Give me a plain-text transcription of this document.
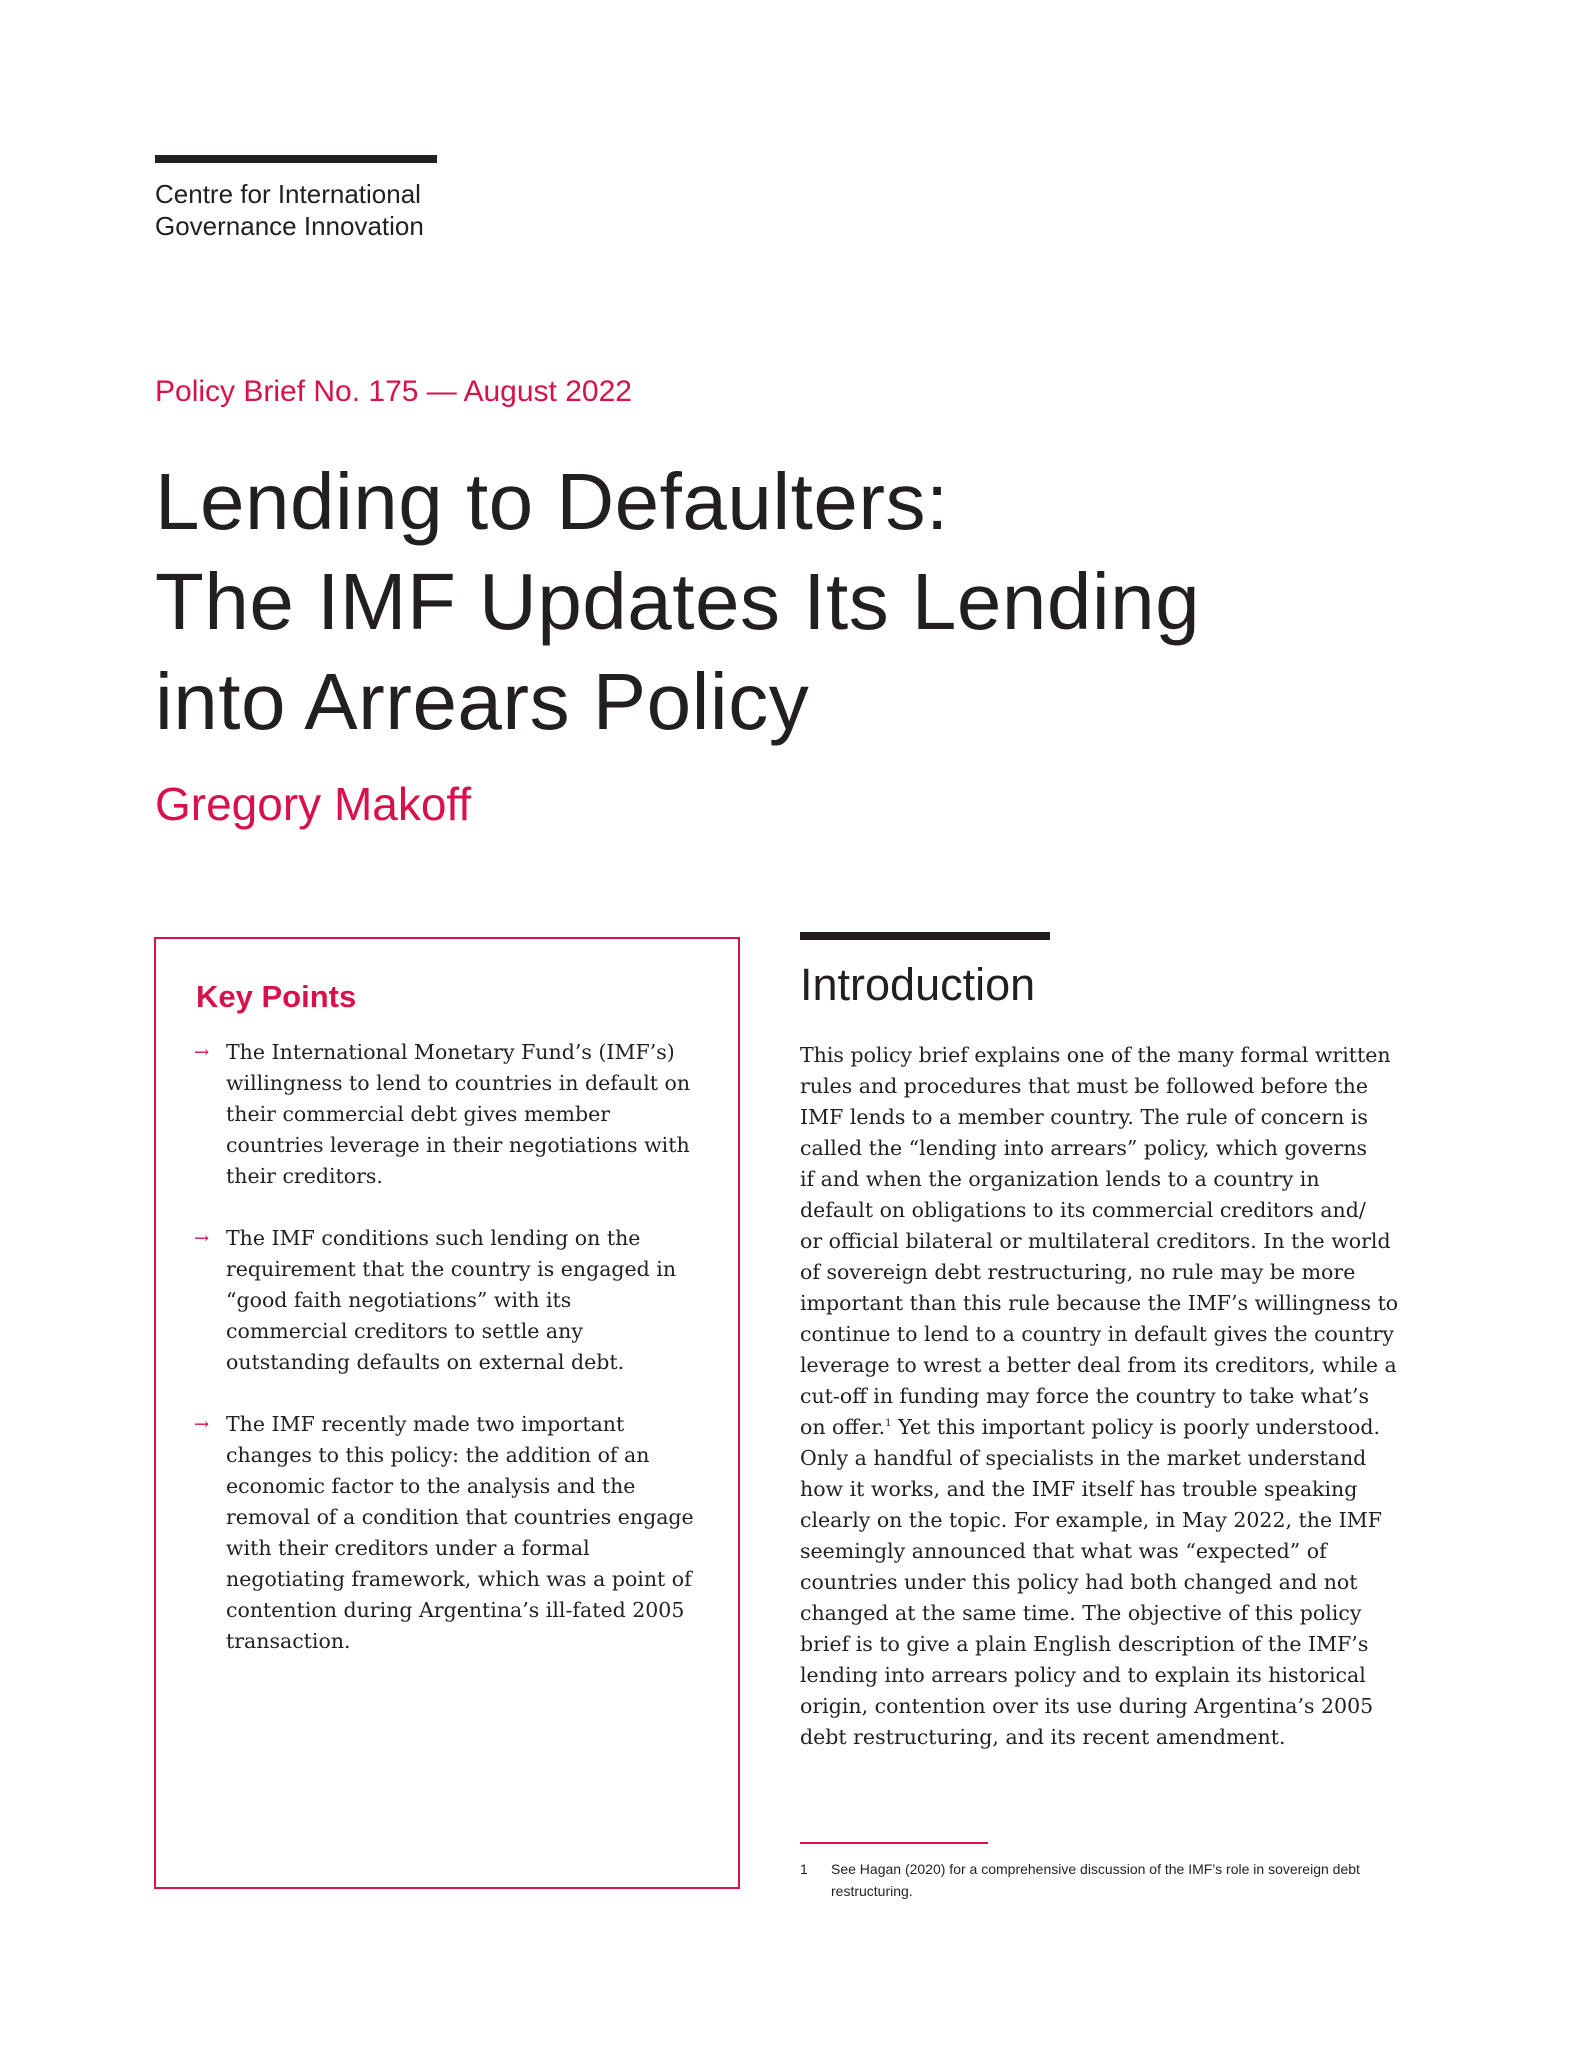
Centre for International
Governance Innovation
Policy Brief No. 175 — August 2022
Lending to Defaulters:
The IMF Updates Its Lending
into Arrears Policy
Gregory Makoff
Key Points
→ The International Monetary Fund’s (IMF’s) willingness to lend to countries in default on their commercial debt gives member countries leverage in their negotiations with their creditors.
→ The IMF conditions such lending on the requirement that the country is engaged in “good faith negotiations” with its commercial creditors to settle any outstanding defaults on external debt.
→ The IMF recently made two important changes to this policy: the addition of an economic factor to the analysis and the removal of a condition that countries engage with their creditors under a formal negotiating framework, which was a point of contention during Argentina’s ill-fated 2005 transaction.
Introduction
This policy brief explains one of the many formal written
rules and procedures that must be followed before the
IMF lends to a member country. The rule of concern is
called the “lending into arrears” policy, which governs
if and when the organization lends to a country in
default on obligations to its commercial creditors and/
or official bilateral or multilateral creditors. In the world
of sovereign debt restructuring, no rule may be more
important than this rule because the IMF’s willingness to
continue to lend to a country in default gives the country
leverage to wrest a better deal from its creditors, while a
cut-off in funding may force the country to take what’s
on offer.$^1$ Yet this important policy is poorly understood.
Only a handful of specialists in the market understand
how it works, and the IMF itself has trouble speaking
clearly on the topic. For example, in May 2022, the IMF
seemingly announced that what was “expected” of
countries under this policy had both changed and not
changed at the same time. The objective of this policy
brief is to give a plain English description of the IMF’s
lending into arrears policy and to explain its historical
origin, contention over its use during Argentina’s 2005
debt restructuring, and its recent amendment.
1	See Hagan (2020) for a comprehensive discussion of the IMF’s role in sovereign debt restructuring.
